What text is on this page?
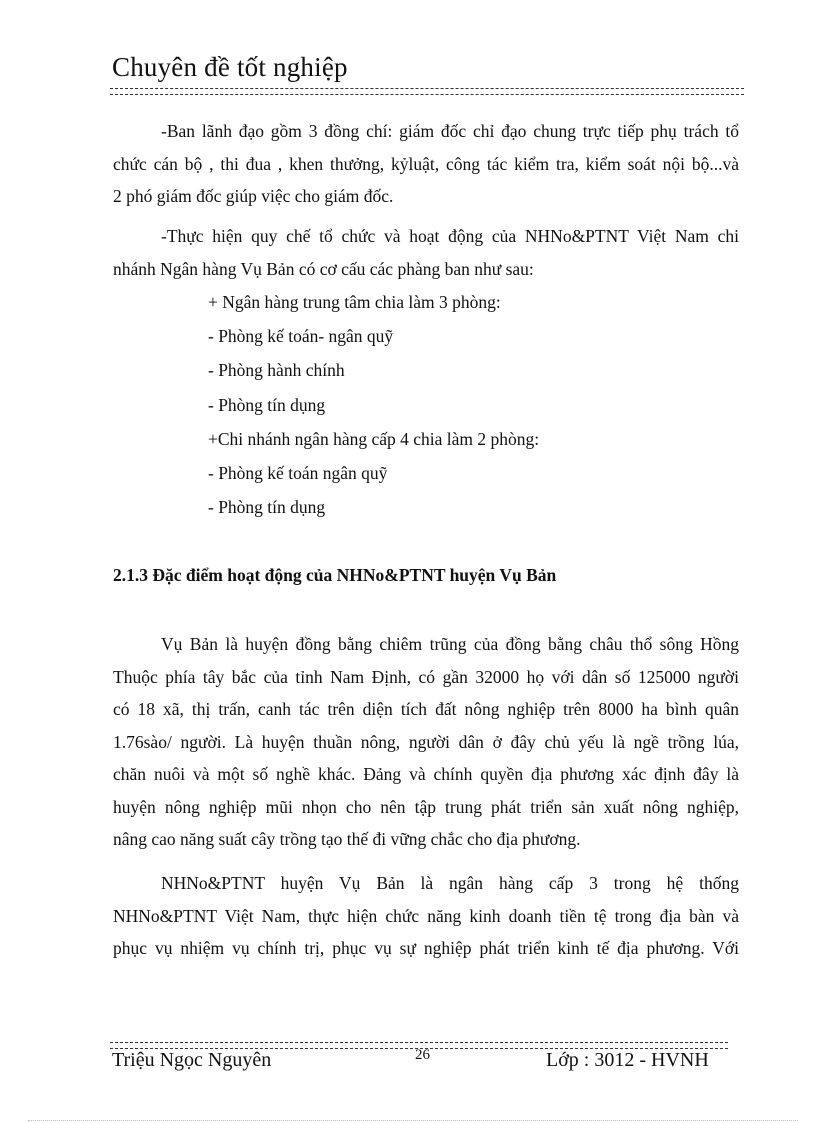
Chuyên đề tốt nghiệp
-Ban lãnh đạo gồm 3 đồng chí: giám đốc chỉ đạo chung trực tiếp phụ trách tổ
chức cán bộ , thi đua , khen thưởng, kỷluật, công tác kiểm tra, kiểm soát nội bộ...và
2 phó giám đốc giúp việc cho giám đốc.
-Thực hiện quy chế tổ chức và hoạt động của NHNo&PTNT Việt Nam chi
nhánh Ngân hàng Vụ Bản có cơ cấu các phàng ban như sau:
+ Ngân hàng trung tâm chia làm 3 phòng:
- Phòng kế toán- ngân quỹ
- Phòng hành chính
- Phòng tín dụng
+Chi nhánh ngân hàng cấp 4 chia làm 2 phòng:
- Phòng kế toán ngân quỹ
- Phòng tín dụng
2.1.3 Đặc điểm hoạt động của NHNo&PTNT huyện Vụ Bản
Vụ Bản là huyện đồng bằng chiêm trũng của đồng bằng châu thổ sông Hồng
Thuộc phía tây bắc của tỉnh Nam Định, có gần 32000 họ với dân số 125000 người
có 18 xã, thị trấn, canh tác trên diện tích đất nông nghiệp trên 8000 ha bình quân
1.76sào/ người. Là huyện thuần nông, người dân ở đây chủ yếu là ngề trồng lúa,
chăn nuôi và một số nghề khác. Đảng và chính quyền địa phương xác định đây là
huyện nông nghiệp mũi nhọn cho nên tập trung phát triển sản xuất nông nghiệp,
nâng cao năng suất cây trồng tạo thế đi vững chắc cho địa phương.
NHNo&PTNT huyện Vụ Bản là ngân hàng cấp 3 trong hệ thống
NHNo&PTNT Việt Nam, thực hiện chức năng kinh doanh tiền tệ trong địa bàn và
phục vụ nhiệm vụ chính trị, phục vụ sự nghiệp phát triển kinh tế địa phương. Với
Triệu Ngọc Nguyên	26	Lớp : 3012 - HVNH
